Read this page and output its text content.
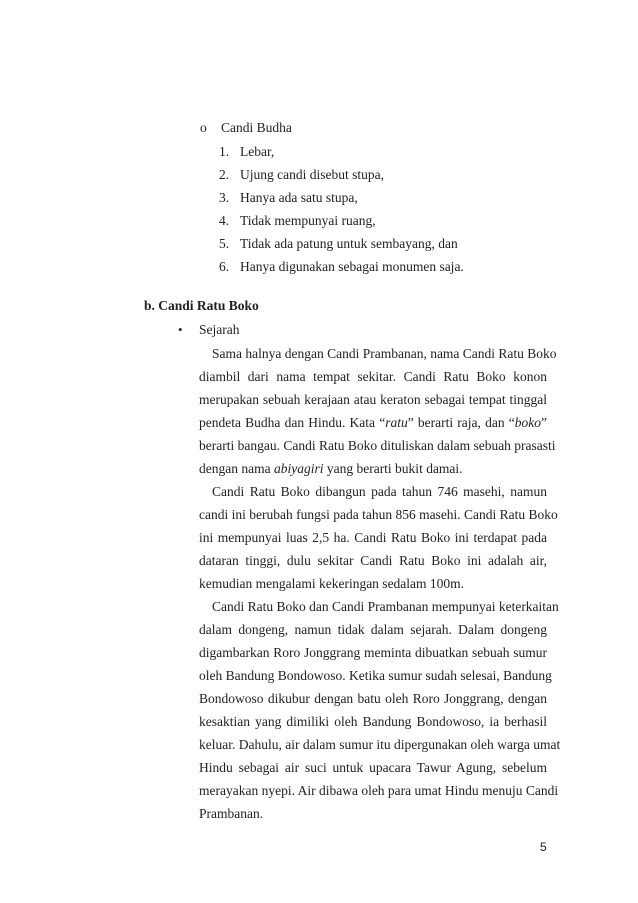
o Candi Budha
1. Lebar,
2. Ujung candi disebut stupa,
3. Hanya ada satu stupa,
4. Tidak mempunyai ruang,
5. Tidak ada patung untuk sembayang, dan
6. Hanya digunakan sebagai monumen saja.
b. Candi Ratu Boko
• Sejarah
Sama halnya dengan Candi Prambanan, nama Candi Ratu Boko
diambil dari nama tempat sekitar. Candi Ratu Boko konon
merupakan sebuah kerajaan atau keraton sebagai tempat tinggal
pendeta Budha dan Hindu. Kata “ratu” berarti raja, dan “boko”
berarti bangau. Candi Ratu Boko dituliskan dalam sebuah prasasti
dengan nama abiyagiri yang berarti bukit damai.
Candi Ratu Boko dibangun pada tahun 746 masehi, namun
candi ini berubah fungsi pada tahun 856 masehi. Candi Ratu Boko
ini mempunyai luas 2,5 ha. Candi Ratu Boko ini terdapat pada
dataran tinggi, dulu sekitar Candi Ratu Boko ini adalah air,
kemudian mengalami kekeringan sedalam 100m.
Candi Ratu Boko dan Candi Prambanan mempunyai keterkaitan
dalam dongeng, namun tidak dalam sejarah. Dalam dongeng
digambarkan Roro Jonggrang meminta dibuatkan sebuah sumur
oleh Bandung Bondowoso. Ketika sumur sudah selesai, Bandung
Bondowoso dikubur dengan batu oleh Roro Jonggrang, dengan
kesaktian yang dimiliki oleh Bandung Bondowoso, ia berhasil
keluar. Dahulu, air dalam sumur itu dipergunakan oleh warga umat
Hindu sebagai air suci untuk upacara Tawur Agung, sebelum
merayakan nyepi. Air dibawa oleh para umat Hindu menuju Candi
Prambanan.
5
